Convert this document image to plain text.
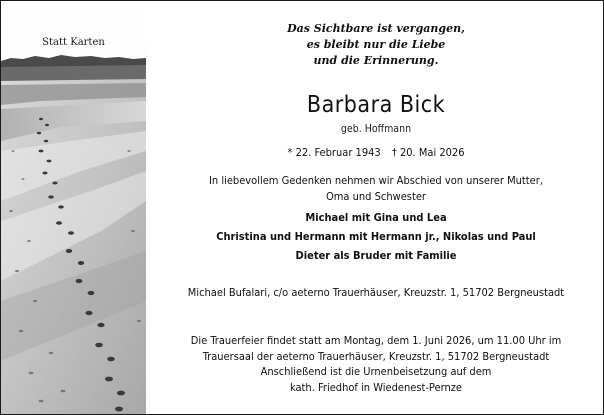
Statt Karten
Das Sichtbare ist vergangen,
es bleibt nur die Liebe
und die Erinnerung.
Barbara Bick
geb. Hoffmann
* 22. Februar 1943 † 20. Mai 2026
In liebevollem Gedenken nehmen wir Abschied von unserer Mutter,
Oma und Schwester
Michael mit Gina und Lea
Christina und Hermann mit Hermann jr., Nikolas und Paul
Dieter als Bruder mit Familie
Michael Bufalari, c/o aeterno Trauerhäuser, Kreuzstr. 1, 51702 Bergneustadt
Die Trauerfeier findet statt am Montag, dem 1. Juni 2026, um 11.00 Uhr im
Trauersaal der aeterno Trauerhäuser, Kreuzstr. 1, 51702 Bergneustadt
Anschließend ist die Urnenbeisetzung auf dem
kath. Friedhof in Wiedenest-Pernze
